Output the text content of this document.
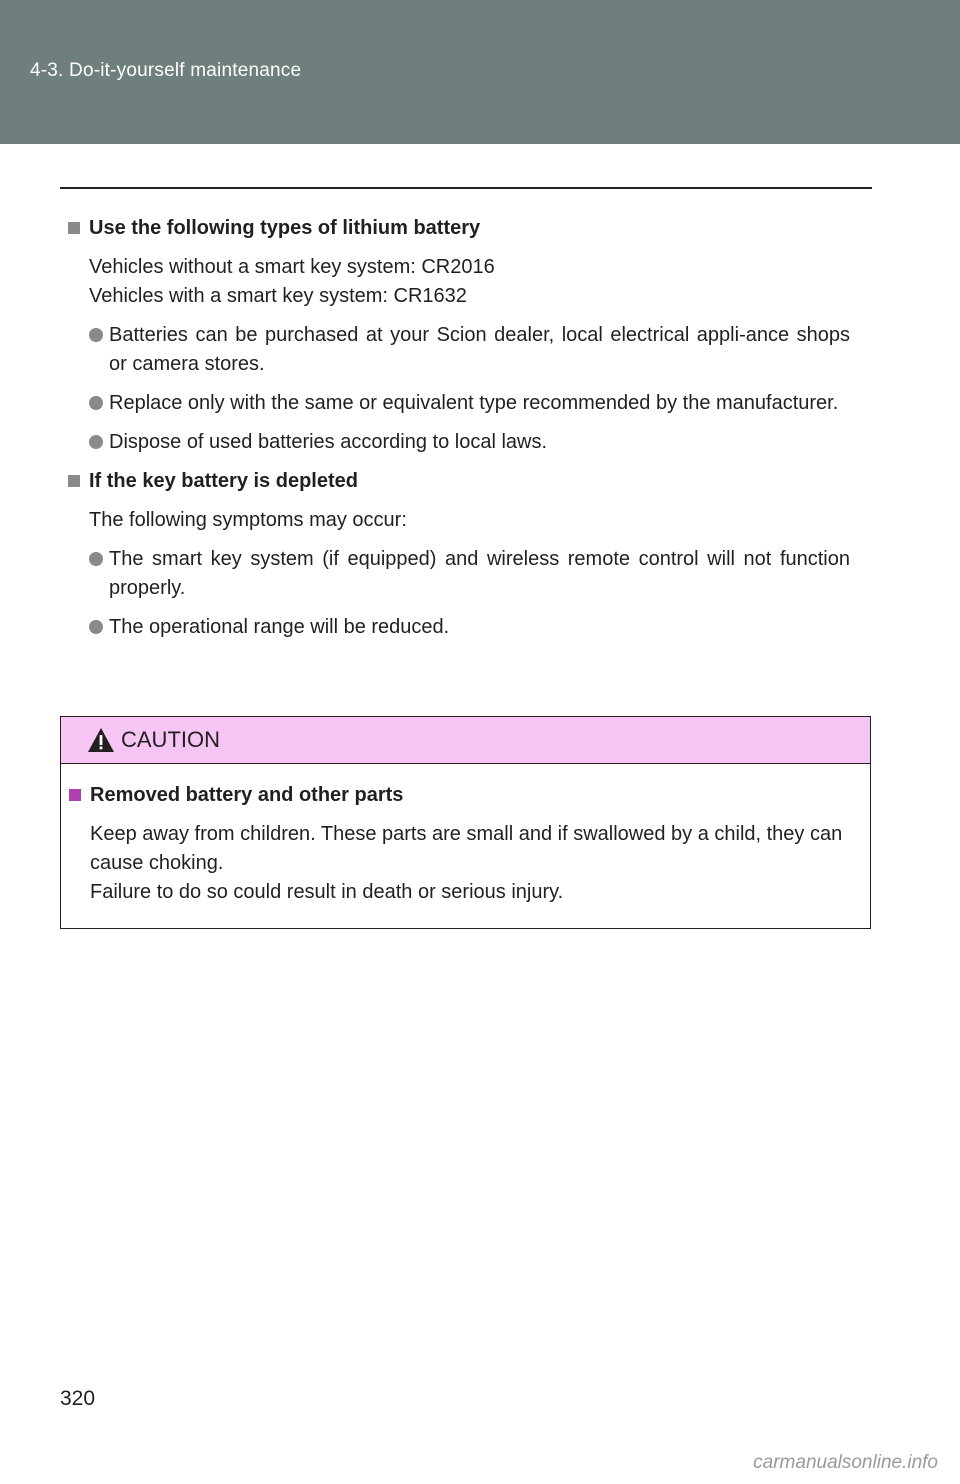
4-3. Do-it-yourself maintenance
Use the following types of lithium battery
Vehicles without a smart key system: CR2016
Vehicles with a smart key system: CR1632
Batteries can be purchased at your Scion dealer, local electrical appli-ance shops or camera stores.
Replace only with the same or equivalent type recommended by the manufacturer.
Dispose of used batteries according to local laws.
If the key battery is depleted
The following symptoms may occur:
The smart key system (if equipped) and wireless remote control will not function properly.
The operational range will be reduced.
CAUTION
Removed battery and other parts
Keep away from children. These parts are small and if swallowed by a child, they can cause choking.
Failure to do so could result in death or serious injury.
320
carmanualsonline.info
